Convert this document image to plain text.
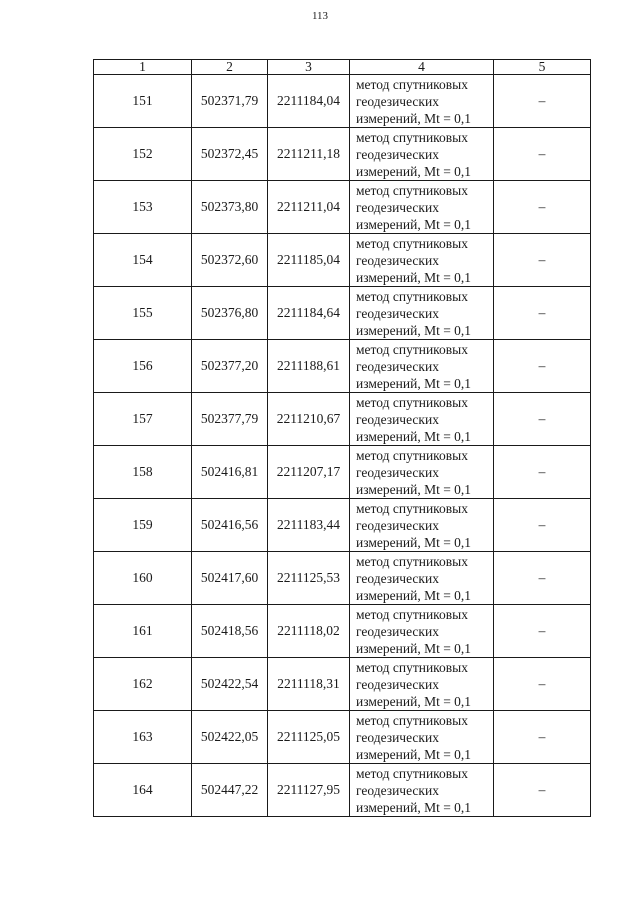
113
1	2	3	4	5
151	502371,79	2211184,04	метод спутниковых
геодезических
измерений, Mt = 0,1	–
152	502372,45	2211211,18	метод спутниковых
геодезических
измерений, Mt = 0,1	–
153	502373,80	2211211,04	метод спутниковых
геодезических
измерений, Mt = 0,1	–
154	502372,60	2211185,04	метод спутниковых
геодезических
измерений, Mt = 0,1	–
155	502376,80	2211184,64	метод спутниковых
геодезических
измерений, Mt = 0,1	–
156	502377,20	2211188,61	метод спутниковых
геодезических
измерений, Mt = 0,1	–
157	502377,79	2211210,67	метод спутниковых
геодезических
измерений, Mt = 0,1	–
158	502416,81	2211207,17	метод спутниковых
геодезических
измерений, Mt = 0,1	–
159	502416,56	2211183,44	метод спутниковых
геодезических
измерений, Mt = 0,1	–
160	502417,60	2211125,53	метод спутниковых
геодезических
измерений, Mt = 0,1	–
161	502418,56	2211118,02	метод спутниковых
геодезических
измерений, Mt = 0,1	–
162	502422,54	2211118,31	метод спутниковых
геодезических
измерений, Mt = 0,1	–
163	502422,05	2211125,05	метод спутниковых
геодезических
измерений, Mt = 0,1	–
164	502447,22	2211127,95	метод спутниковых
геодезических
измерений, Mt = 0,1	–
